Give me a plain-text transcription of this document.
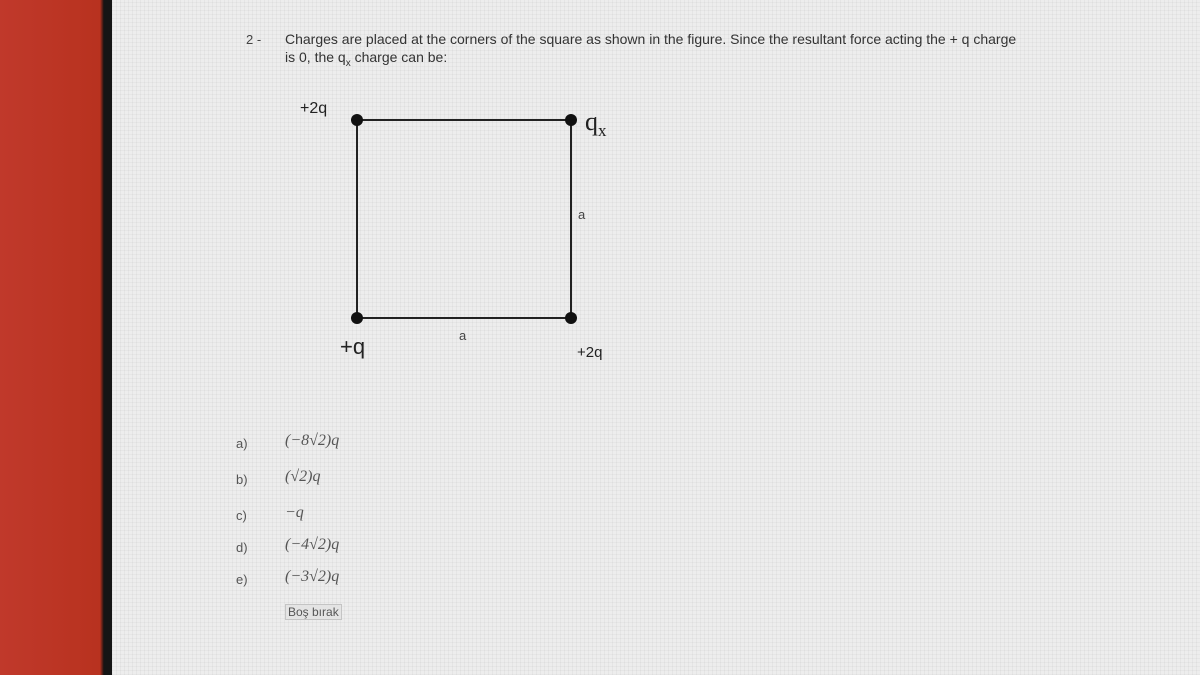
2 - Charges are placed at the corners of the square as shown in the figure. Since the resultant force acting the + q charge
is 0, the $q_x$ charge can be:
+2q	$q_x$
+q	+2q
a
a
a) (−8√2)q
b) (√2)q
c) −q
d) (−4√2)q
e) (−3√2)q
Boş bırak
